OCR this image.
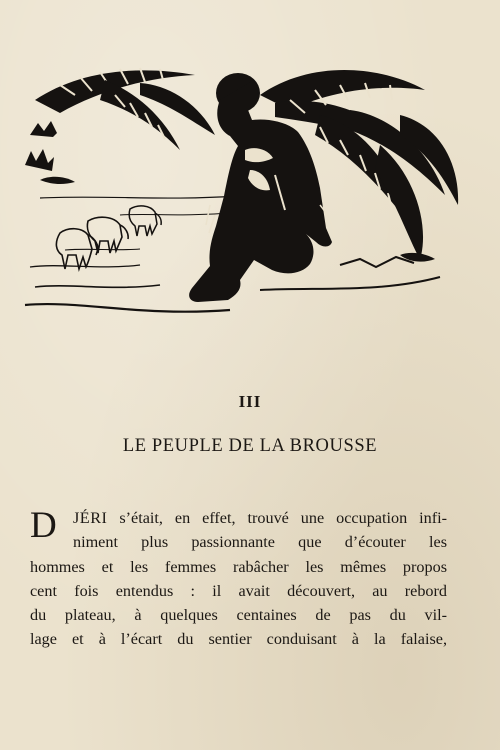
III
LE PEUPLE DE LA BROUSSE
D	JÉRI s’était, en effet, trouvé une occupation infi-
niment plus passionnante que d’écouter les
hommes et les femmes rabâcher les mêmes propos
cent fois entendus : il avait découvert, au rebord
du plateau, à quelques centaines de pas du vil-
lage et à l’écart du sentier conduisant à la falaise,
